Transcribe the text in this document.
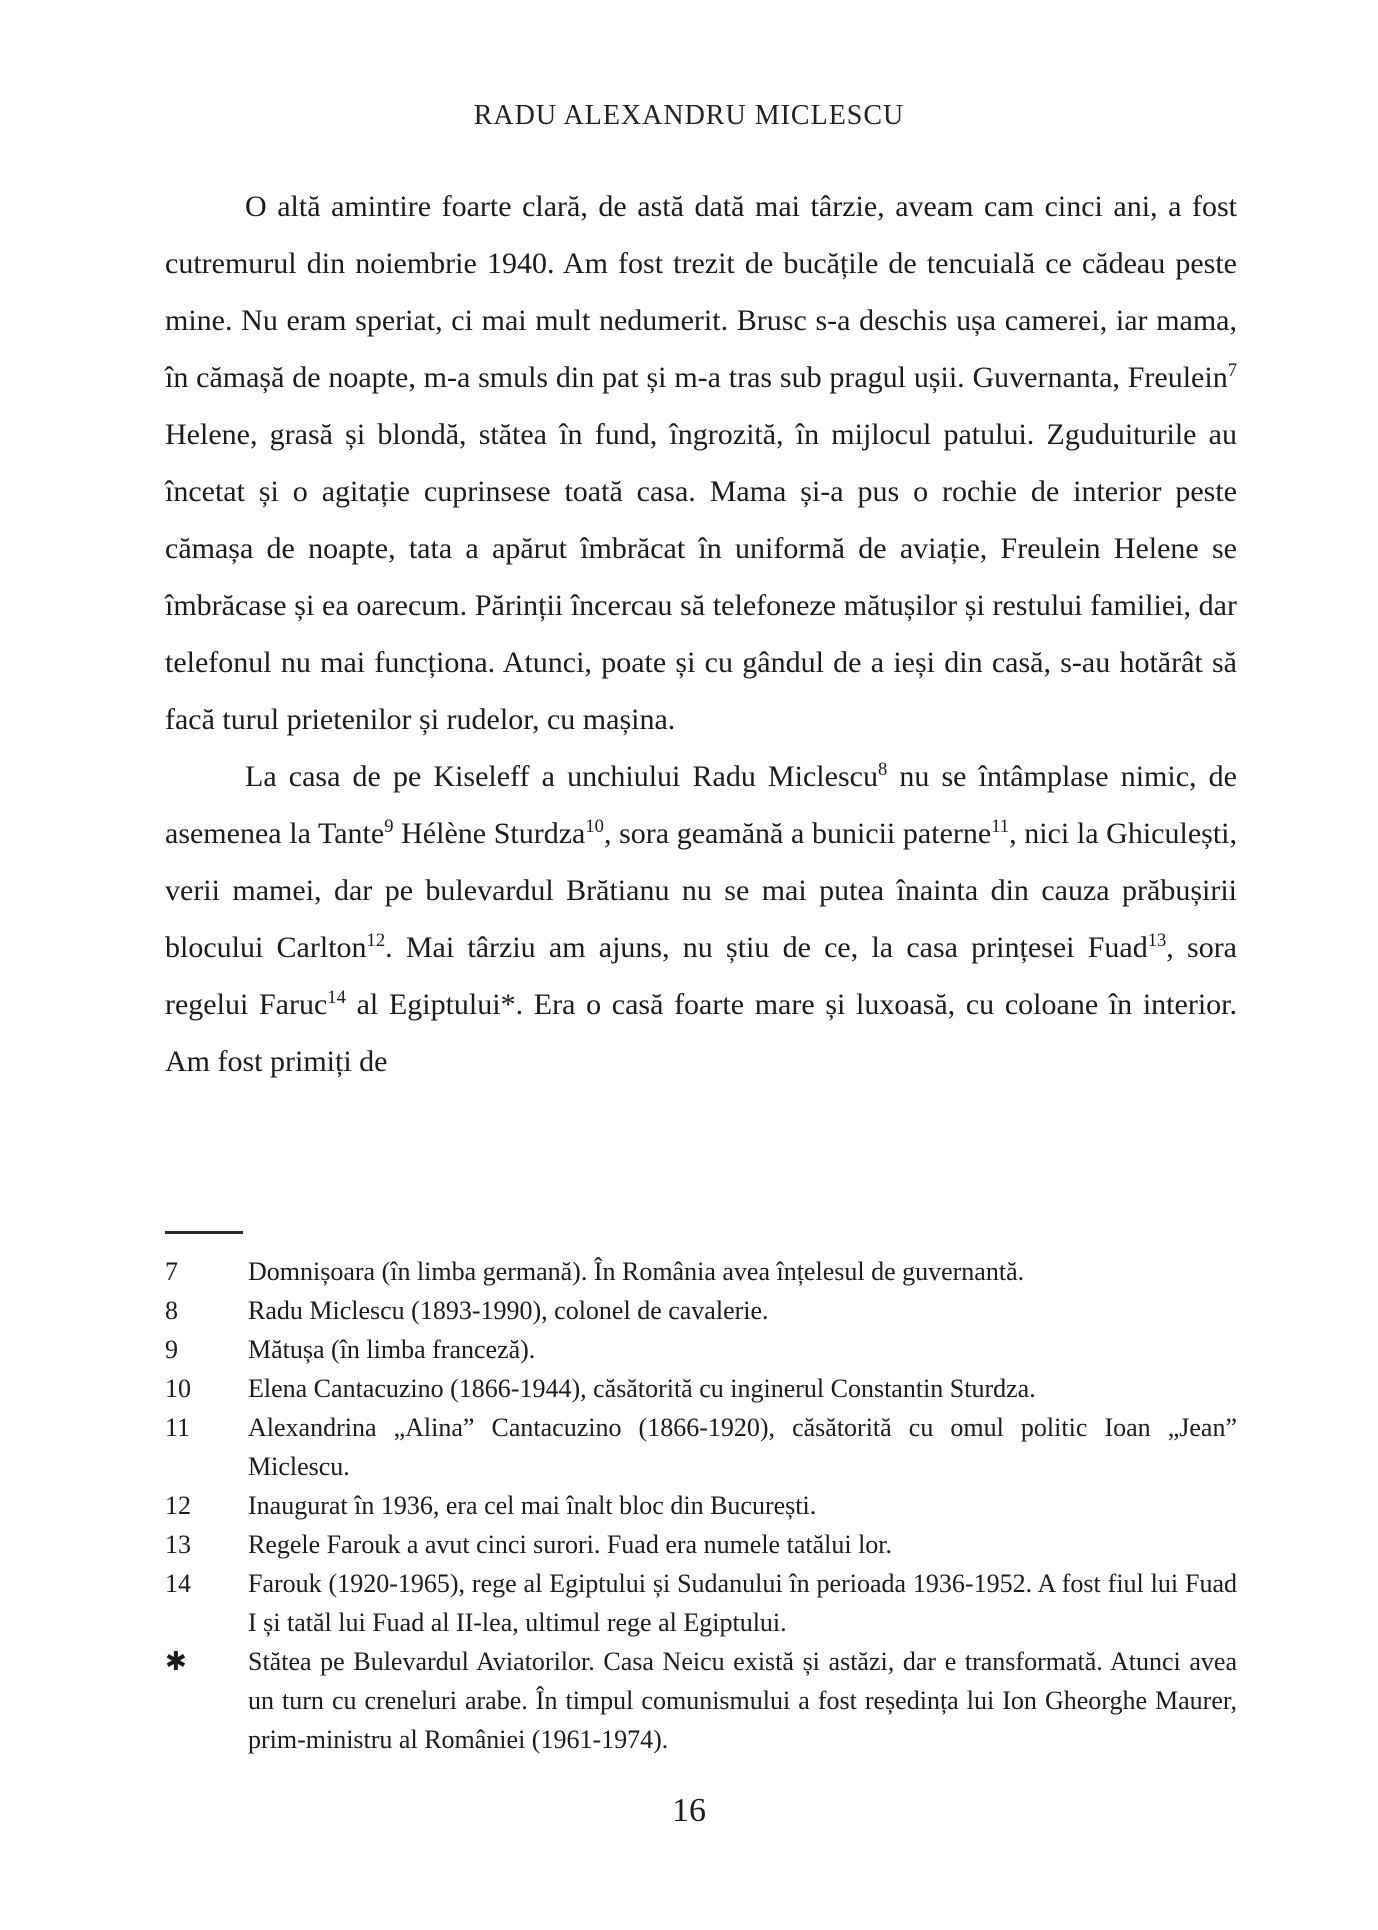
RADU ALEXANDRU MICLESCU

O altă amintire foarte clară, de astă dată mai târzie, aveam cam cinci ani, a fost cutremurul din noiembrie 1940. Am fost trezit de bucățile de tencuială ce cădeau peste mine. Nu eram speriat, ci mai mult nedumerit. Brusc s-a deschis ușa camerei, iar mama, în cămașă de noapte, m-a smuls din pat și m-a tras sub pragul ușii. Guvernanta, Freulein$^7$ Helene, grasă și blondă, stătea în fund, îngrozită, în mijlocul patului. Zguduiturile au încetat și o agitație cuprinsese toată casa. Mama și-a pus o rochie de interior peste cămașa de noapte, tata a apărut îmbrăcat în uniformă de aviație, Freulein Helene se îmbrăcase și ea oarecum. Părinții încercau să telefoneze mătușilor și restului familiei, dar telefonul nu mai funcționa. Atunci, poate și cu gândul de a ieși din casă, s-au hotărât să facă turul prietenilor și rudelor, cu mașina.

La casa de pe Kiseleff a unchiului Radu Miclescu$^8$ nu se întâmplase nimic, de asemenea la Tante$^9$ Hélène Sturdza$^{10}$, sora geamănă a bunicii paterne$^{11}$, nici la Ghiculești, verii mamei, dar pe bulevardul Brătianu nu se mai putea înainta din cauza prăbușirii blocului Carlton$^{12}$. Mai târziu am ajuns, nu știu de ce, la casa prințesei Fuad$^{13}$, sora regelui Faruc$^{14}$ al Egiptului*. Era o casă foarte mare și luxoasă, cu coloane în interior. Am fost primiți de

7	Domnișoara (în limba germană). În România avea înțelesul de guvernantă.
8	Radu Miclescu (1893-1990), colonel de cavalerie.
9	Mătușa (în limba franceză).
10 Elena Cantacuzino (1866-1944), căsătorită cu inginerul Constantin Sturdza.
11 Alexandrina „Alina” Cantacuzino (1866-1920), căsătorită cu omul politic Ioan „Jean” Miclescu.
12 Inaugurat în 1936, era cel mai înalt bloc din București.
13 Regele Farouk a avut cinci surori. Fuad era numele tatălui lor.
14 Farouk (1920-1965), rege al Egiptului și Sudanului în perioada 1936-1952. A fost fiul lui Fuad I și tatăl lui Fuad al II-lea, ultimul rege al Egiptului.
✱ Stătea pe Bulevardul Aviatorilor. Casa Neicu există și astăzi, dar e transformată. Atunci avea un turn cu creneluri arabe. În timpul comunismului a fost reședința lui Ion Gheorghe Maurer, prim-ministru al României (1961-1974).
16
